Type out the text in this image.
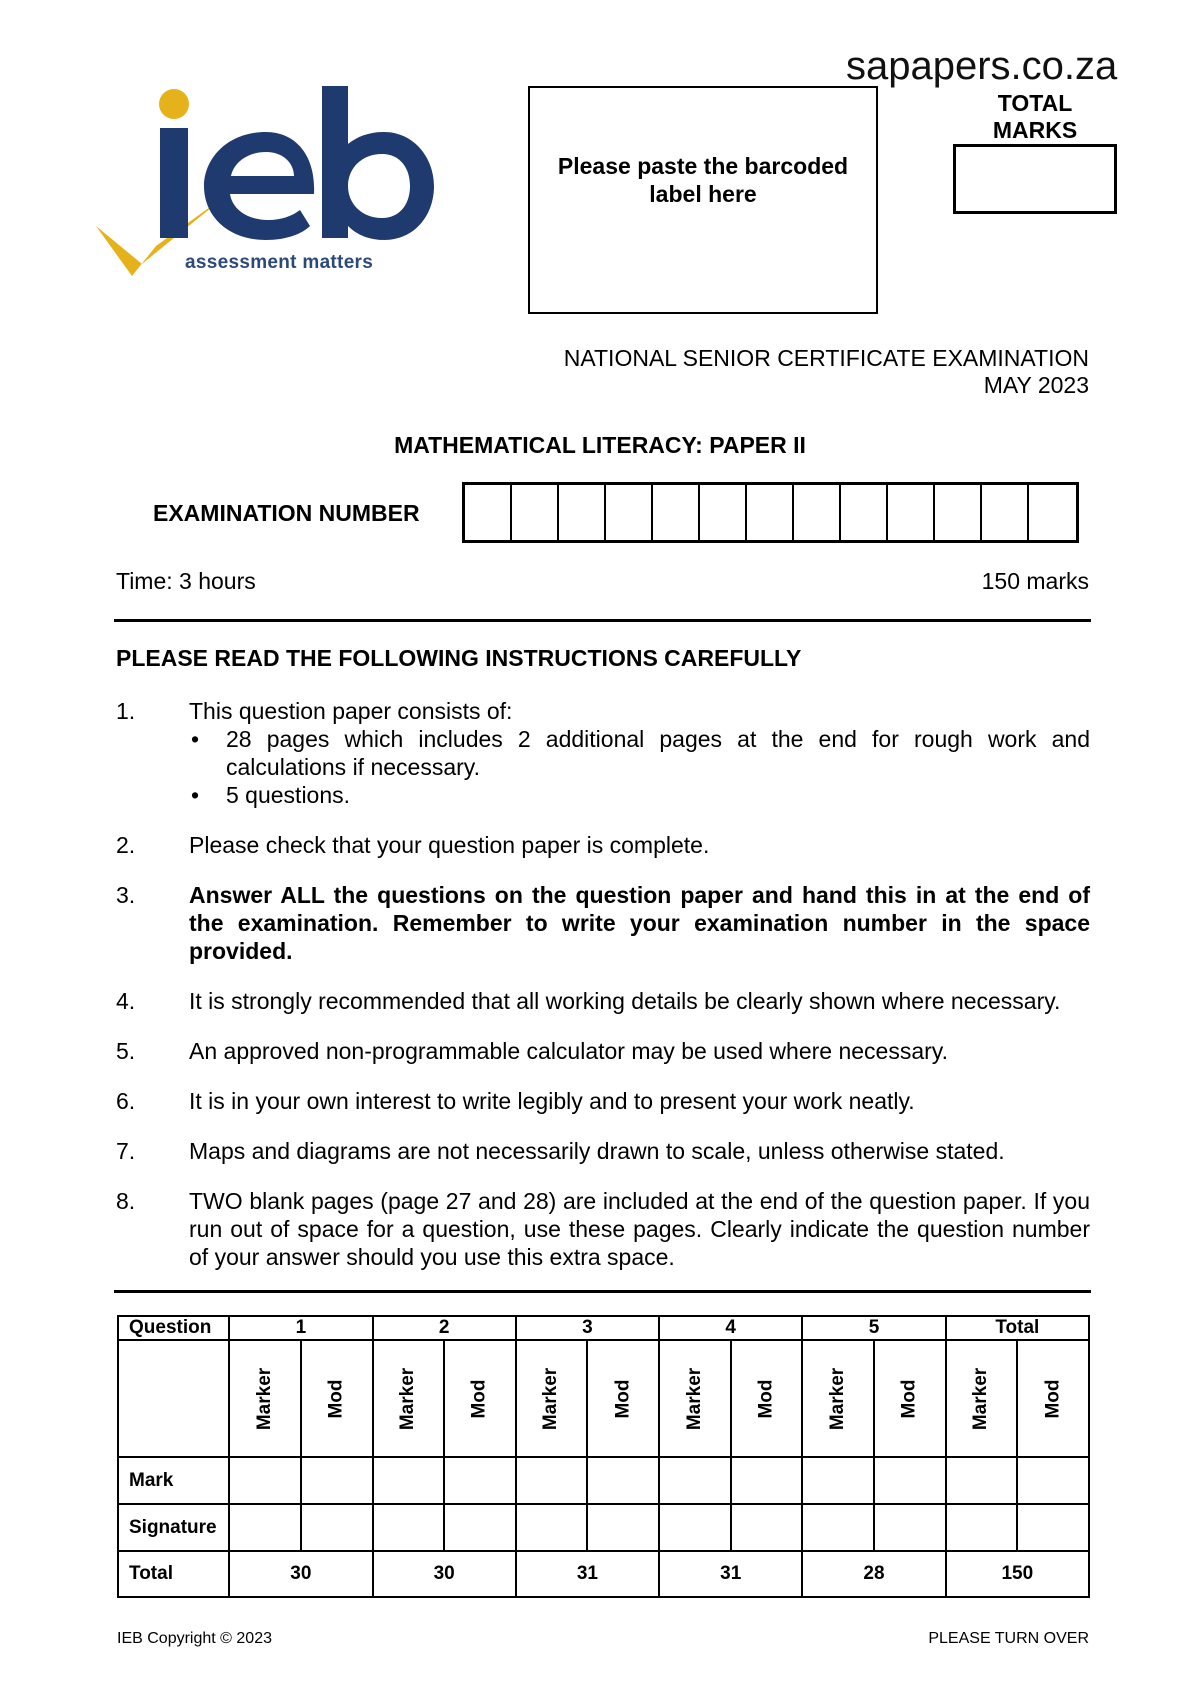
sapapers.co.za
assessment matters
Please paste the barcoded label here
TOTAL MARKS
NATIONAL SENIOR CERTIFICATE EXAMINATION
MAY 2023
MATHEMATICAL LITERACY: PAPER II
EXAMINATION NUMBER
Time: 3 hours	150 marks
PLEASE READ THE FOLLOWING INSTRUCTIONS CAREFULLY
1.	This question paper consists of:
• 28 pages which includes 2 additional pages at the end for rough work and calculations if necessary.
• 5 questions.
2.	Please check that your question paper is complete.
3.	Answer ALL the questions on the question paper and hand this in at the end of the examination. Remember to write your examination number in the space provided.
4.	It is strongly recommended that all working details be clearly shown where necessary.
5.	An approved non-programmable calculator may be used where necessary.
6.	It is in your own interest to write legibly and to present your work neatly.
7.	Maps and diagrams are not necessarily drawn to scale, unless otherwise stated.
8.	TWO blank pages (page 27 and 28) are included at the end of the question paper. If you run out of space for a question, use these pages. Clearly indicate the question number of your answer should you use this extra space.
Question	1		2		3		4		5		Total	
	Marker	Mod	Marker	Mod	Marker	Mod	Marker	Mod	Marker	Mod	Marker	Mod
Mark												
Signature												
Total	30		30		31		31		28		150	
IEB Copyright © 2023	PLEASE TURN OVER
